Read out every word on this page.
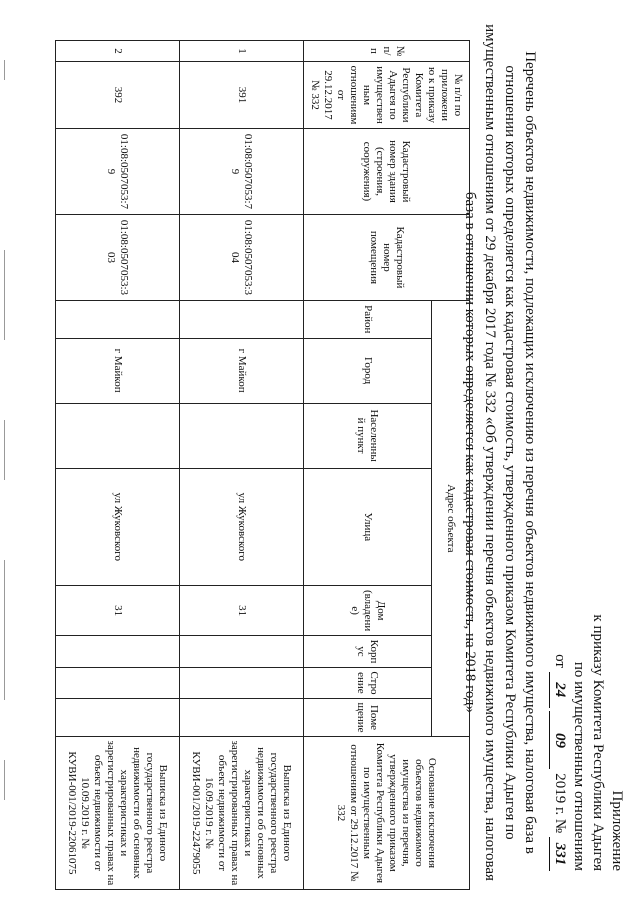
Приложение
к приказу Комитета Республики Адыгея
по имущественным отношениям
от 24 09 2019 г. № 331
Перечень объектов недвижимости, подлежащих исключению из перечня объектов недвижимого имущества, налоговая база в отношении которых определяется как кадастровая стоимость, утвержденного приказом Комитета Республики Адыгея по имущественным отношениям от 29 декабря 2017 года № 332 «Об утверждении перечня объектов недвижимого имущества, налоговая база в отношении которых определяется как кадастровая стоимость, на 2018 год»
№ п/п	№ п/п по приложению к приказу Комитета Республики Адыгея по имущественным отношениям от 29.12.2017 № 332	Кадастровый номер здания (строения, сооружения)	Кадастровый номер помещения	Адрес объекта								Основание исключения объектов недвижимого имущества из перечня, утвержденного приказом Комитета Республики Адыгея по имущественным отношениям от 29.12.2017 № 332
				Район	Город	Населенный пункт	Улица	Дом (владение)	Корпус	Строение	Помещение	
1	391	01:08:0507053:79	01:08:0507053:304		г Майкоп		ул Жуковского	31				Выписка из Единого государственного реестра недвижимости об основных характеристиках и зарегистрированных правах на объект недвижимости от 16.09.2019 г. № КУВИ-001/2019-22479055
2	392	01:08:0507053:79	01:08:0507053:303		г Майкоп		ул Жуковского	31				Выписка из Единого государственного реестра недвижимости об основных характеристиках и зарегистрированных правах на объект недвижимости от 10.09.2019 г. № КУВИ-001/2019-22061075
